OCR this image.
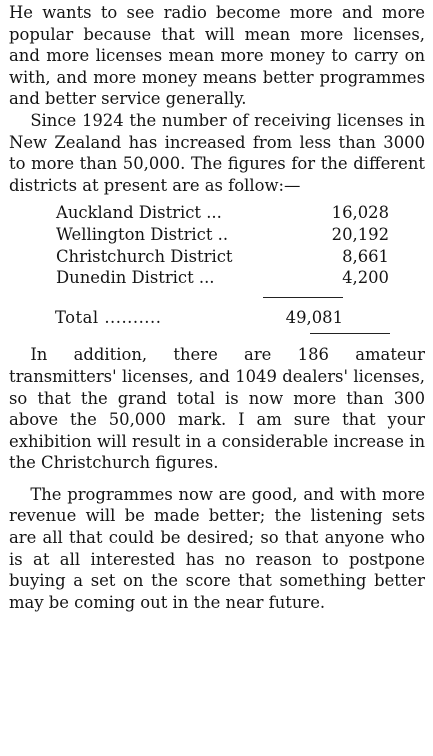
He wants to see radio become more and more popular because that will mean more licenses, and more licenses mean more money to carry on with, and more money means better programmes and better service generally.

Since 1924 the number of receiving licenses in New Zealand has increased from less than 3000 to more than 50,000. The figures for the different districts at present are as follow:—

Auckland District ...	16,028
Wellington District ..	20,192
Christchurch District	8,661
Dunedin District ...	4,200
Total ..........	49,081

In addition, there are 186 amateur transmitters' licenses, and 1049 dealers' licenses, so that the grand total is now more than 300 above the 50,000 mark. I am sure that your exhibition will result in a considerable increase in the Christchurch figures.

The programmes now are good, and with more revenue will be made better; the listening sets are all that could be desired; so that anyone who is at all interested has no reason to postpone buying a set on the score that something better may be coming out in the near future.
